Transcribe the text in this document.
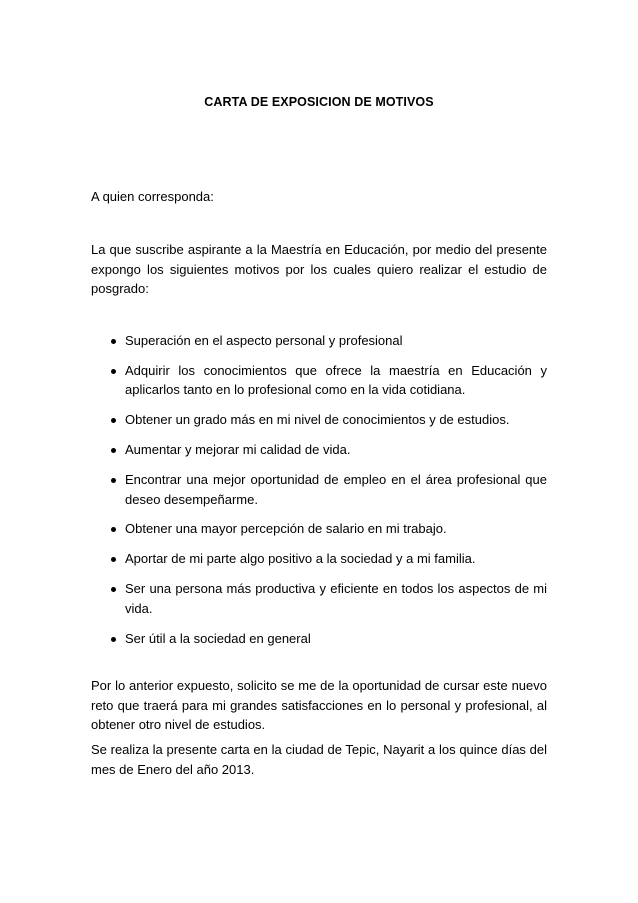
CARTA DE EXPOSICION DE MOTIVOS

A quien corresponda:

La que suscribe aspirante a la Maestría en Educación, por medio del presente expongo los siguientes motivos por los cuales quiero realizar el estudio de posgrado:

Superación en el aspecto personal y profesional
Adquirir los conocimientos que ofrece la maestría en Educación y aplicarlos tanto en lo profesional como en la vida cotidiana.
Obtener un grado más en mi nivel de conocimientos y de estudios.
Aumentar y mejorar mi calidad de vida.
Encontrar una mejor oportunidad de empleo en el área profesional que deseo desempeñarme.
Obtener una mayor percepción de salario en mi trabajo.
Aportar de mi parte algo positivo a la sociedad y a mi familia.
Ser una persona más productiva y eficiente en todos los aspectos de mi vida.
Ser útil a la sociedad en general

Por lo anterior expuesto, solicito se me de la oportunidad de cursar este nuevo reto que traerá para mi grandes satisfacciones en lo personal y profesional, al obtener otro nivel de estudios.

Se realiza la presente carta en la ciudad de Tepic, Nayarit a los quince días del mes de Enero del año 2013.
